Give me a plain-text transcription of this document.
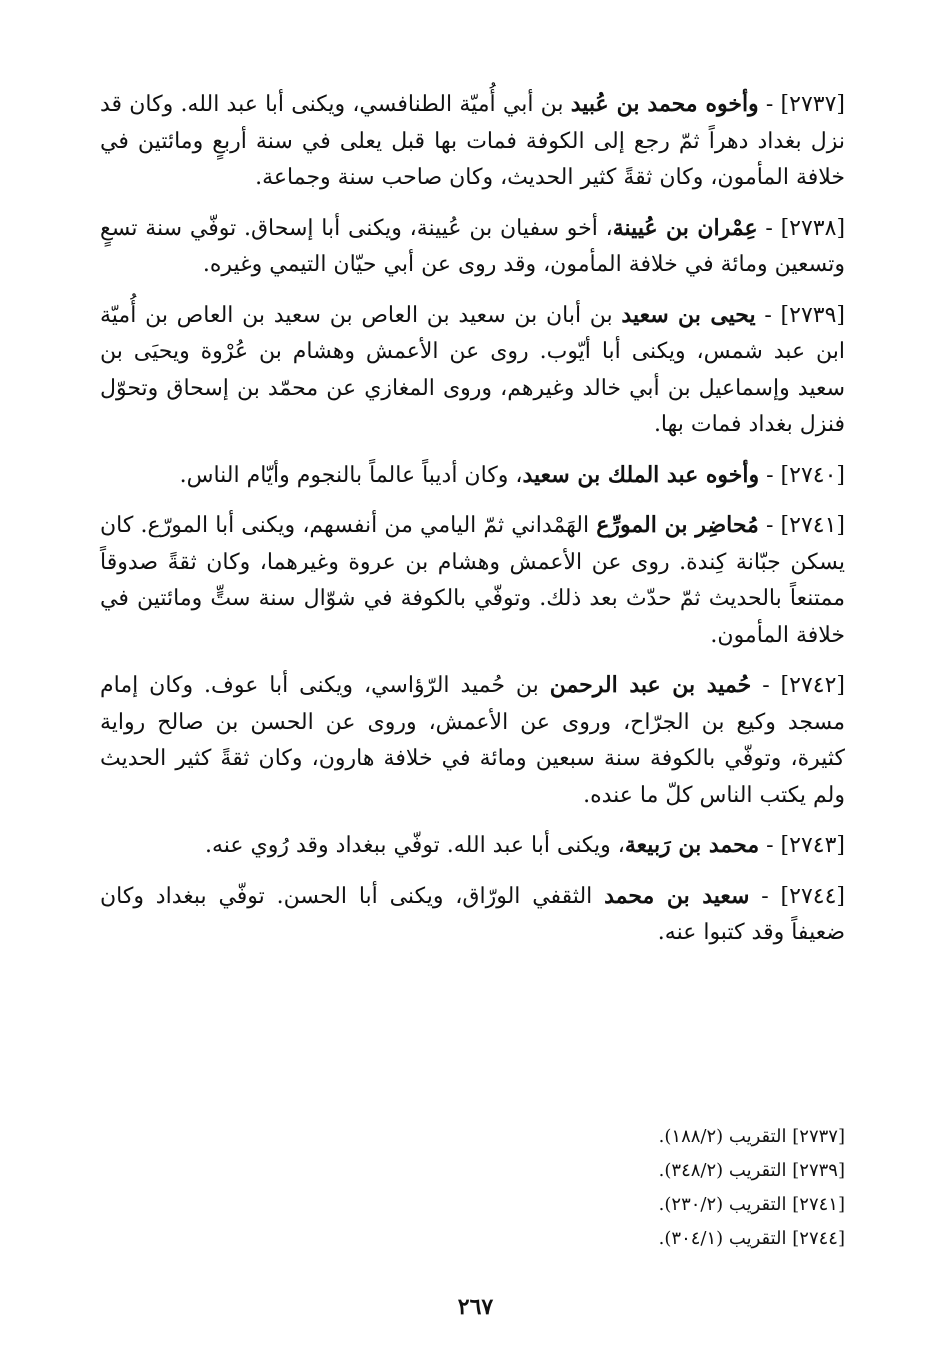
[٢٧٣٧] - وأخوه محمد بن عُبيد بن أبي أُميّة الطنافسي، ويكنى أبا عبد الله. وكان قد نزل بغداد دهراً ثمّ رجع إلى الكوفة فمات بها قبل يعلى في سنة أربعٍ ومائتين في خلافة المأمون، وكان ثقةً كثير الحديث، وكان صاحب سنة وجماعة.

[٢٧٣٨] - عِمْران بن عُيينة، أخو سفيان بن عُيينة، ويكنى أبا إسحاق. توفّي سنة تسعٍ وتسعين ومائة في خلافة المأمون، وقد روى عن أبي حيّان التيمي وغيره.

[٢٧٣٩] - يحيى بن سعيد بن أبان بن سعيد بن العاص بن سعيد بن العاص بن أُميّة ابن عبد شمس، ويكنى أبا أيّوب. روى عن الأعمش وهشام بن عُرْوة ويحيَى بن سعيد وإسماعيل بن أبي خالد وغيرهم، وروى المغازي عن محمّد بن إسحاق وتحوّل فنزل بغداد فمات بها.

[٢٧٤٠] - وأخوه عبد الملك بن سعيد، وكان أديباً عالماً بالنجوم وأيّام الناس.

[٢٧٤١] - مُحاضِر بن المورِّع الهَمْداني ثمّ اليامي من أنفسهم، ويكنى أبا المورّع. كان يسكن جبّانة كِندة. روى عن الأعمش وهشام بن عروة وغيرهما، وكان ثقةً صدوقاً ممتنعاً بالحديث ثمّ حدّث بعد ذلك. وتوفّي بالكوفة في شوّال سنة ستٍّ ومائتين في خلافة المأمون.

[٢٧٤٢] - حُميد بن عبد الرحمن بن حُميد الرّؤاسي، ويكنى أبا عوف. وكان إمام مسجد وكيع بن الجرّاح، وروى عن الأعمش، وروى عن الحسن بن صالح رواية كثيرة، وتوفّي بالكوفة سنة سبعين ومائة في خلافة هارون، وكان ثقةً كثير الحديث ولم يكتب الناس كلّ ما عنده.

[٢٧٤٣] - محمد بن رَبيعة، ويكنى أبا عبد الله. توفّي ببغداد وقد رُوي عنه.

[٢٧٤٤] - سعيد بن محمد الثقفي الورّاق، ويكنى أبا الحسن. توفّي ببغداد وكان ضعيفاً وقد كتبوا عنه.

[٢٧٣٧] التقريب (١٨٨/٢).
[٢٧٣٩] التقريب (٣٤٨/٢).
[٢٧٤١] التقريب (٢٣٠/٢).
[٢٧٤٤] التقريب (٣٠٤/١).
٢٦٧
